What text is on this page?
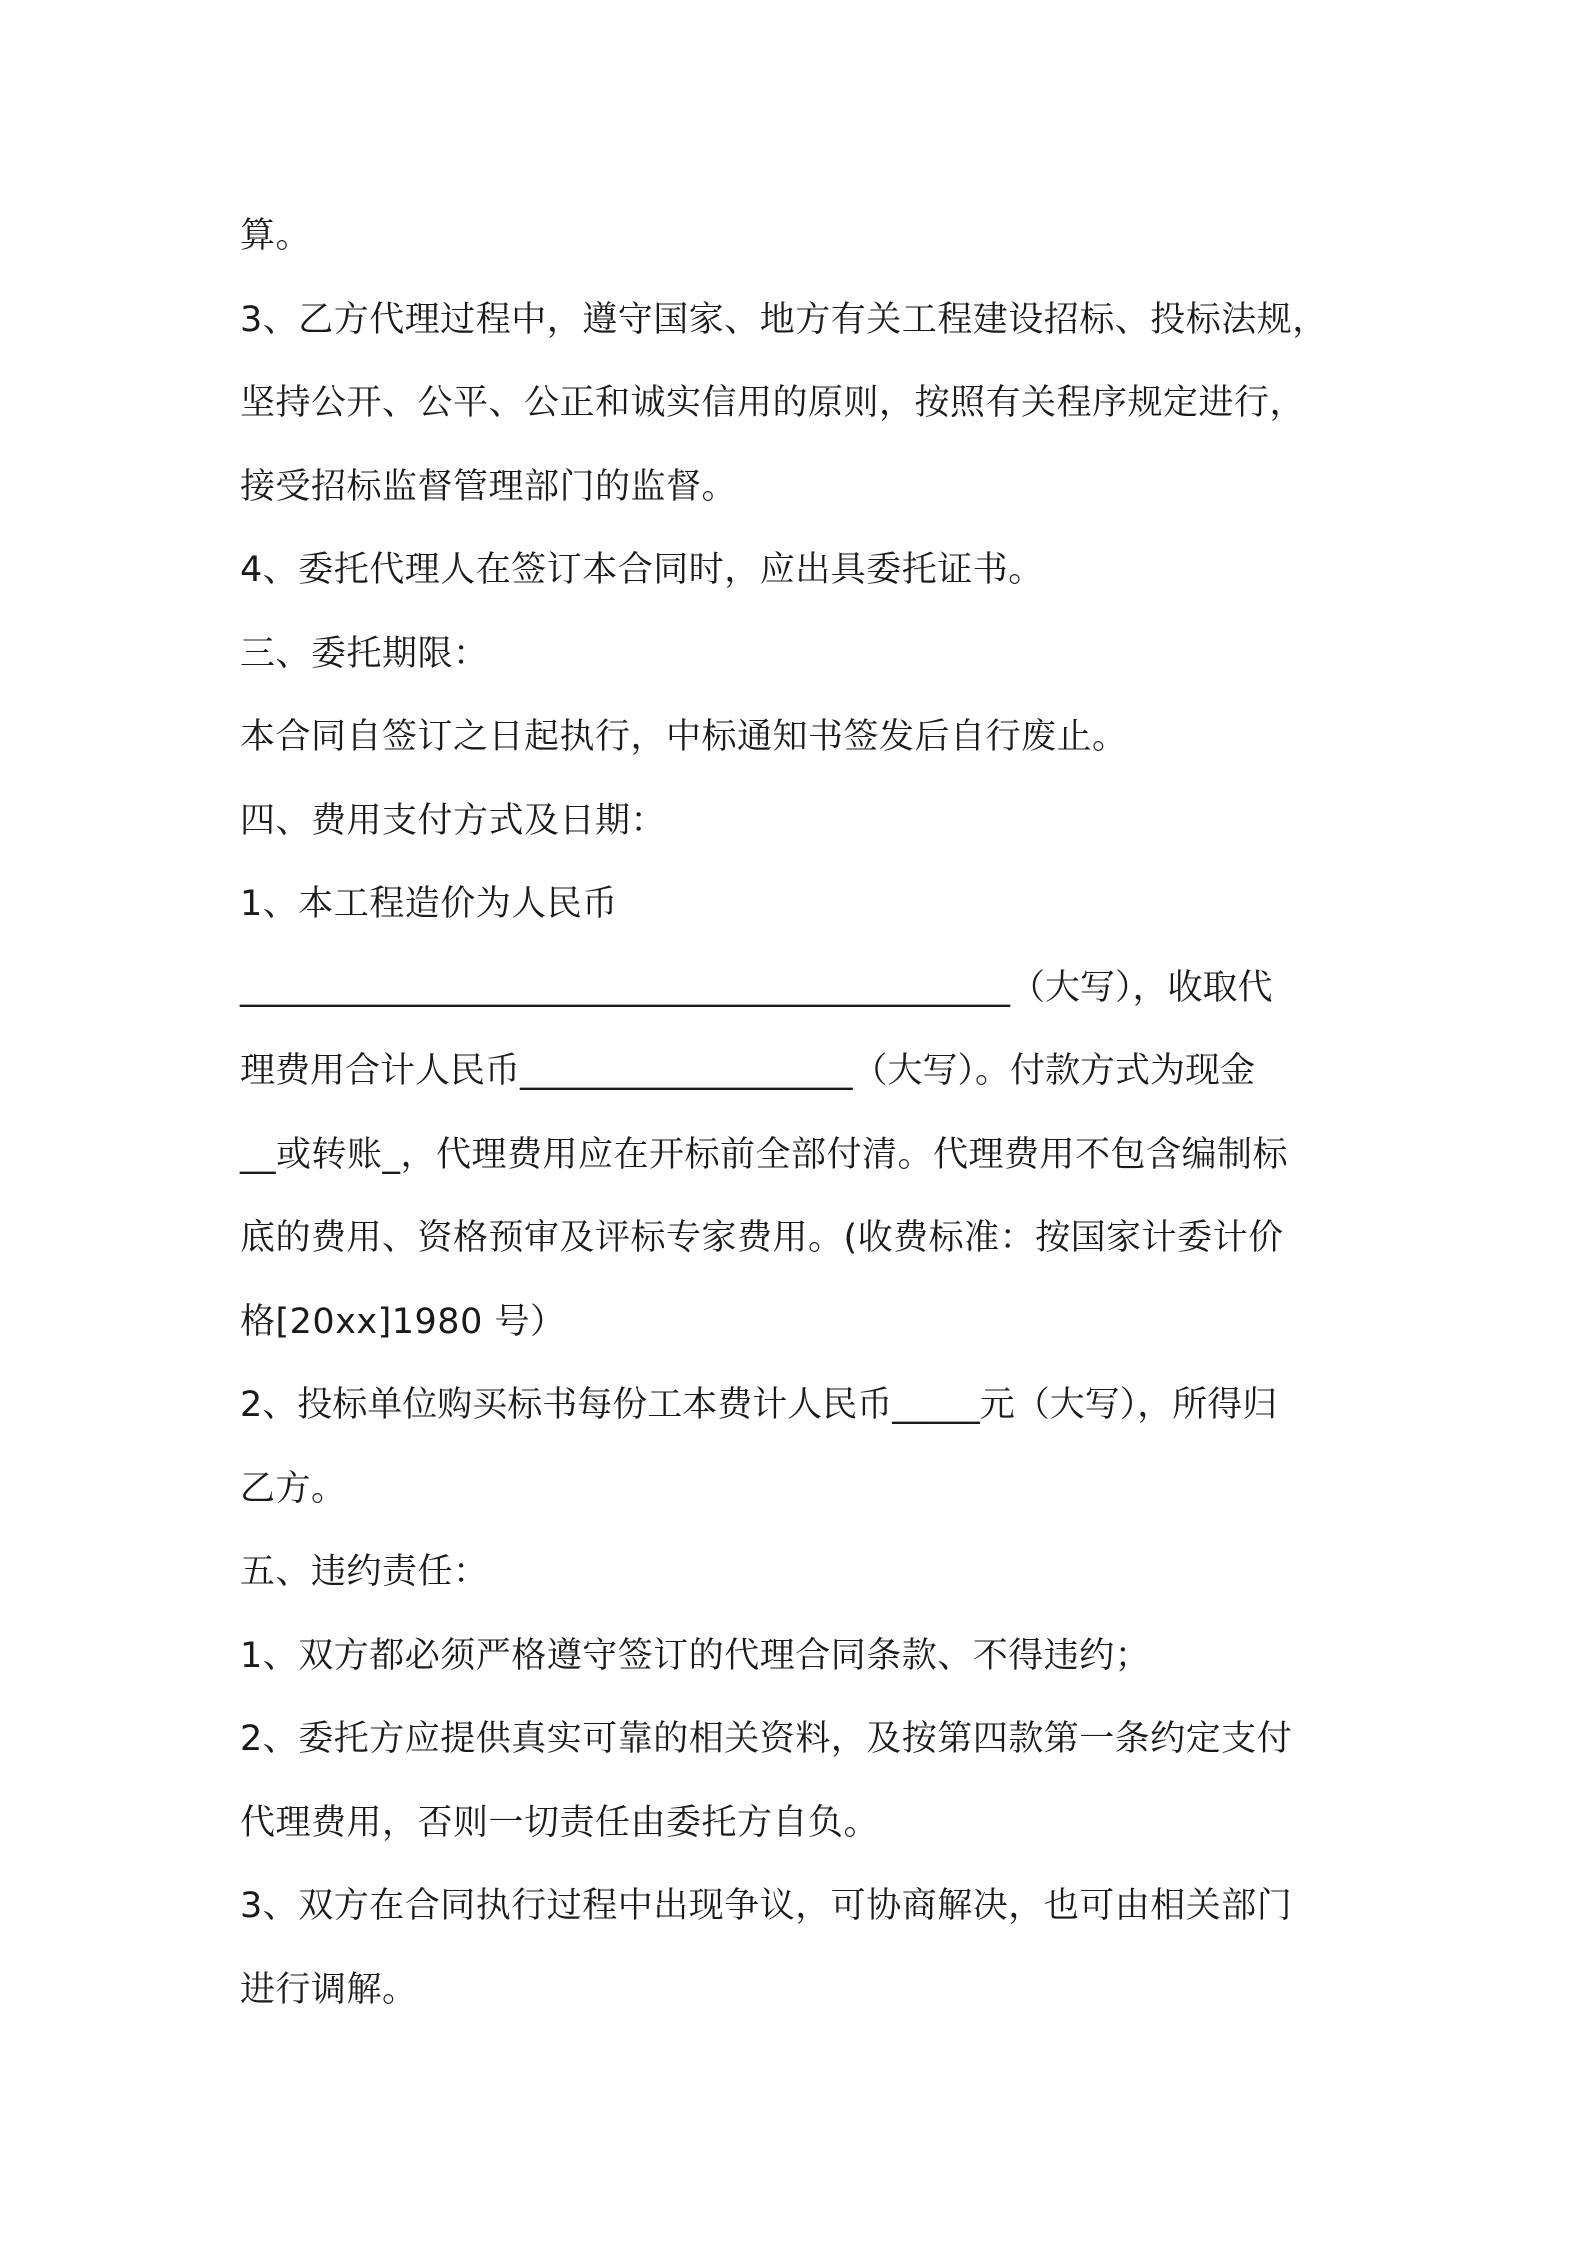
算。
3、乙方代理过程中，遵守国家、地方有关工程建设招标、投标法规，
坚持公开、公平、公正和诚实信用的原则，按照有关程序规定进行，
接受招标监督管理部门的监督。
4、委托代理人在签订本合同时，应出具委托证书。
三、委托期限：
本合同自签订之日起执行，中标通知书签发后自行废止。
四、费用支付方式及日期：
1、本工程造价为人民币
____________________________________________（大写），收取代
理费用合计人民币___________________（大写）。付款方式为现金
__或转账_，代理费用应在开标前全部付清。代理费用不包含编制标
底的费用、资格预审及评标专家费用。(收费标准：按国家计委计价
格[20xx]1980 号）
2、投标单位购买标书每份工本费计人民币_____元（大写），所得归
乙方。
五、违约责任：
1、双方都必须严格遵守签订的代理合同条款、不得违约；
2、委托方应提供真实可靠的相关资料，及按第四款第一条约定支付
代理费用，否则一切责任由委托方自负。
3、双方在合同执行过程中出现争议，可协商解决，也可由相关部门
进行调解。
